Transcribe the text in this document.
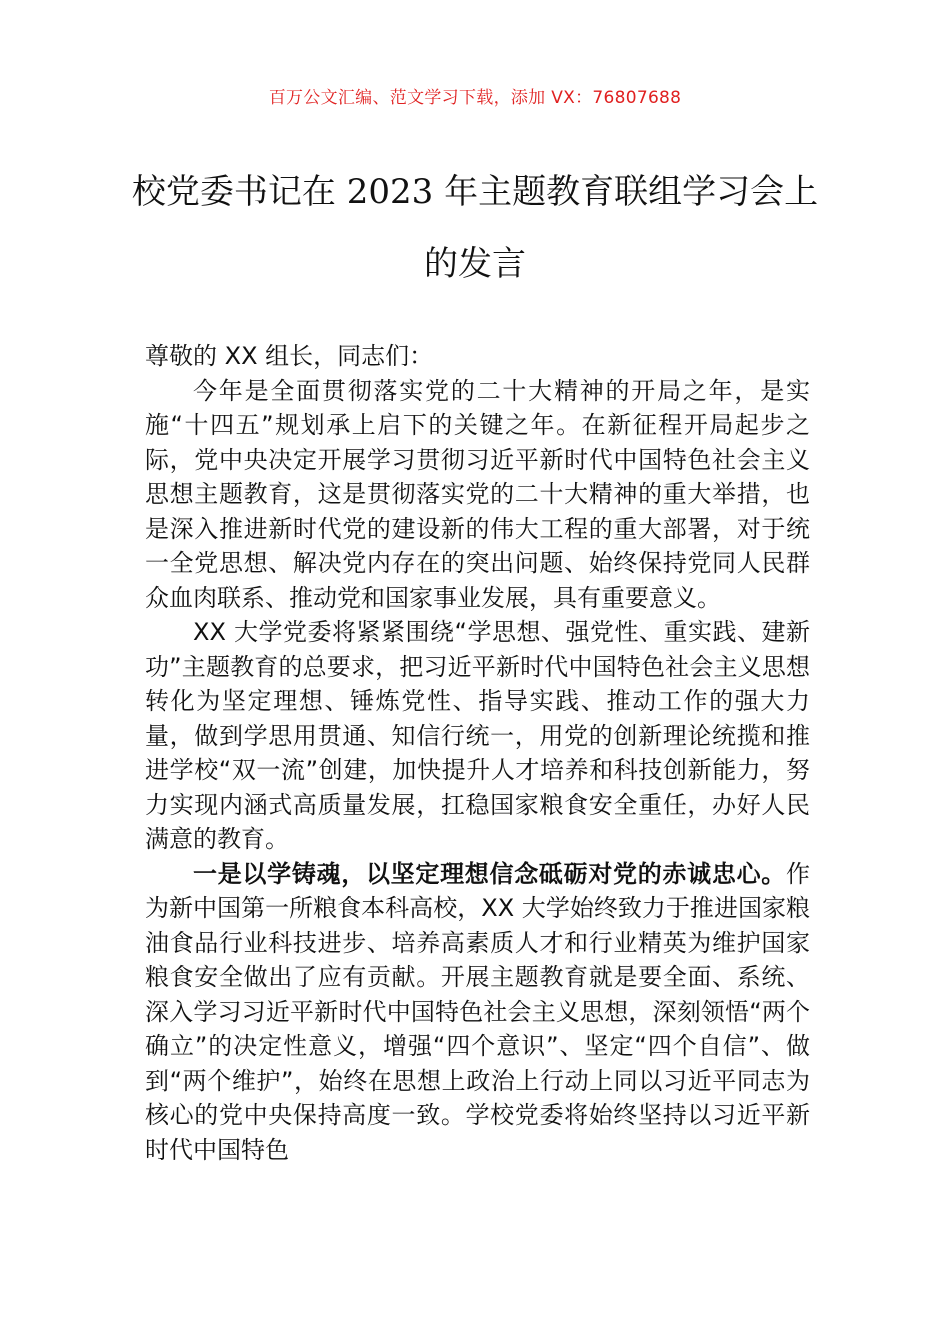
百万公文汇编、范文学习下载，添加 VX：76807688
校党委书记在 2023 年主题教育联组学习会上的发言

尊敬的 XX 组长，同志们：

今年是全面贯彻落实党的二十大精神的开局之年，是实施“十四五”规划承上启下的关键之年。在新征程开局起步之际，党中央决定开展学习贯彻习近平新时代中国特色社会主义思想主题教育，这是贯彻落实党的二十大精神的重大举措，也是深入推进新时代党的建设新的伟大工程的重大部署，对于统一全党思想、解决党内存在的突出问题、始终保持党同人民群众血肉联系、推动党和国家事业发展，具有重要意义。

XX 大学党委将紧紧围绕“学思想、强党性、重实践、建新功”主题教育的总要求，把习近平新时代中国特色社会主义思想转化为坚定理想、锤炼党性、指导实践、推动工作的强大力量，做到学思用贯通、知信行统一，用党的创新理论统揽和推进学校“双一流”创建，加快提升人才培养和科技创新能力，努力实现内涵式高质量发展，扛稳国家粮食安全重任，办好人民满意的教育。

一是以学铸魂，以坚定理想信念砥砺对党的赤诚忠心。作为新中国第一所粮食本科高校，XX 大学始终致力于推进国家粮油食品行业科技进步、培养高素质人才和行业精英为维护国家粮食安全做出了应有贡献。开展主题教育就是要全面、系统、深入学习习近平新时代中国特色社会主义思想，深刻领悟“两个确立”的决定性意义，增强“四个意识”、坚定“四个自信”、做到“两个维护”，始终在思想上政治上行动上同以习近平同志为核心的党中央保持高度一致。学校党委将始终坚持以习近平新时代中国特色
